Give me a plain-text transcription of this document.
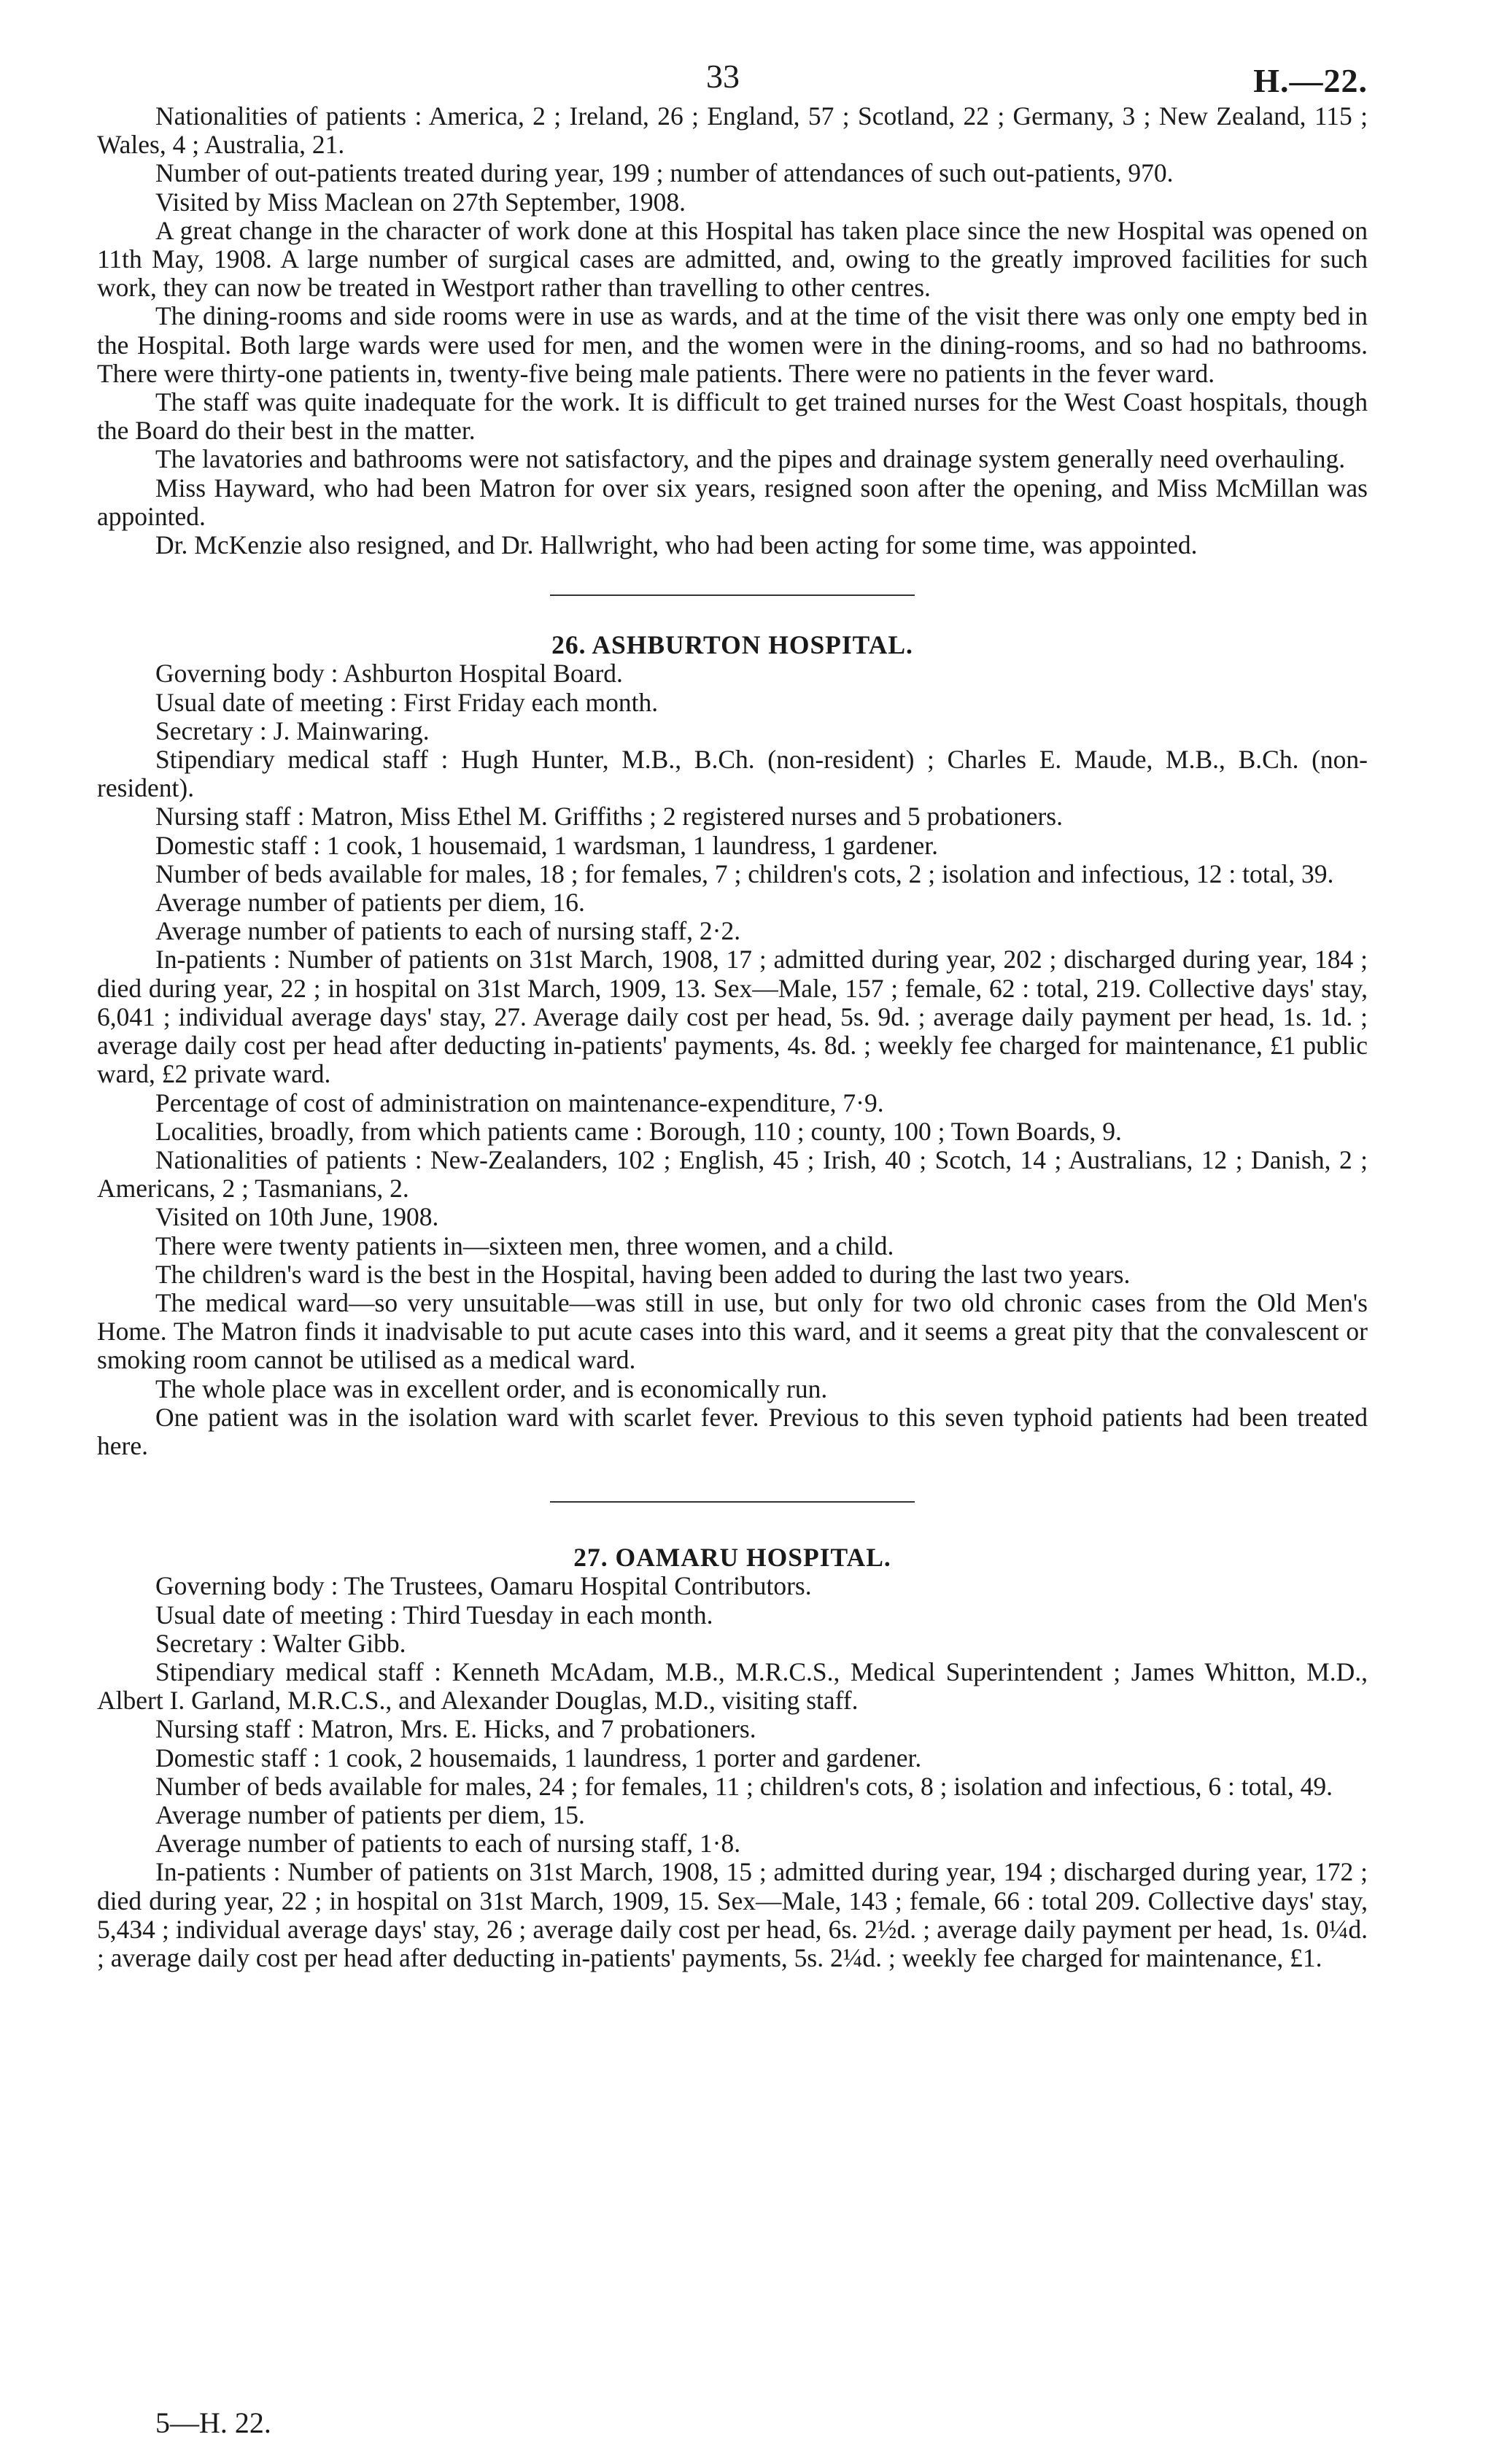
33	H.—22.

Nationalities of patients : America, 2 ; Ireland, 26 ; England, 57 ; Scotland, 22 ; Germany, 3 ; New Zealand, 115 ; Wales, 4 ; Australia, 21.

Number of out-patients treated during year, 199 ; number of attendances of such out-patients, 970.

Visited by Miss Maclean on 27th September, 1908.

A great change in the character of work done at this Hospital has taken place since the new Hospital was opened on 11th May, 1908. A large number of surgical cases are admitted, and, owing to the greatly improved facilities for such work, they can now be treated in Westport rather than travelling to other centres.

The dining-rooms and side rooms were in use as wards, and at the time of the visit there was only one empty bed in the Hospital. Both large wards were used for men, and the women were in the dining-rooms, and so had no bathrooms. There were thirty-one patients in, twenty-five being male patients. There were no patients in the fever ward.

The staff was quite inadequate for the work. It is difficult to get trained nurses for the West Coast hospitals, though the Board do their best in the matter.

The lavatories and bathrooms were not satisfactory, and the pipes and drainage system generally need overhauling.

Miss Hayward, who had been Matron for over six years, resigned soon after the opening, and Miss McMillan was appointed.

Dr. McKenzie also resigned, and Dr. Hallwright, who had been acting for some time, was appointed.

26. ASHBURTON HOSPITAL.

Governing body : Ashburton Hospital Board.

Usual date of meeting : First Friday each month.

Secretary : J. Mainwaring.

Stipendiary medical staff : Hugh Hunter, M.B., B.Ch. (non-resident) ; Charles E. Maude, M.B., B.Ch. (non-resident).

Nursing staff : Matron, Miss Ethel M. Griffiths ; 2 registered nurses and 5 probationers.

Domestic staff : 1 cook, 1 housemaid, 1 wardsman, 1 laundress, 1 gardener.

Number of beds available for males, 18 ; for females, 7 ; children's cots, 2 ; isolation and infectious, 12 : total, 39.

Average number of patients per diem, 16.

Average number of patients to each of nursing staff, 2·2.

In-patients : Number of patients on 31st March, 1908, 17 ; admitted during year, 202 ; discharged during year, 184 ; died during year, 22 ; in hospital on 31st March, 1909, 13. Sex—Male, 157 ; female, 62 : total, 219. Collective days' stay, 6,041 ; individual average days' stay, 27. Average daily cost per head, 5s. 9d. ; average daily payment per head, 1s. 1d. ; average daily cost per head after deducting in-patients' payments, 4s. 8d. ; weekly fee charged for maintenance, £1 public ward, £2 private ward.

Percentage of cost of administration on maintenance-expenditure, 7·9.

Localities, broadly, from which patients came : Borough, 110 ; county, 100 ; Town Boards, 9.

Nationalities of patients : New-Zealanders, 102 ; English, 45 ; Irish, 40 ; Scotch, 14 ; Australians, 12 ; Danish, 2 ; Americans, 2 ; Tasmanians, 2.

Visited on 10th June, 1908.

There were twenty patients in—sixteen men, three women, and a child.

The children's ward is the best in the Hospital, having been added to during the last two years.

The medical ward—so very unsuitable—was still in use, but only for two old chronic cases from the Old Men's Home. The Matron finds it inadvisable to put acute cases into this ward, and it seems a great pity that the convalescent or smoking room cannot be utilised as a medical ward.

The whole place was in excellent order, and is economically run.

One patient was in the isolation ward with scarlet fever. Previous to this seven typhoid patients had been treated here.

27. OAMARU HOSPITAL.

Governing body : The Trustees, Oamaru Hospital Contributors.

Usual date of meeting : Third Tuesday in each month.

Secretary : Walter Gibb.

Stipendiary medical staff : Kenneth McAdam, M.B., M.R.C.S., Medical Superintendent ; James Whitton, M.D., Albert I. Garland, M.R.C.S., and Alexander Douglas, M.D., visiting staff.

Nursing staff : Matron, Mrs. E. Hicks, and 7 probationers.

Domestic staff : 1 cook, 2 housemaids, 1 laundress, 1 porter and gardener.

Number of beds available for males, 24 ; for females, 11 ; children's cots, 8 ; isolation and infectious, 6 : total, 49.

Average number of patients per diem, 15.

Average number of patients to each of nursing staff, 1·8.

In-patients : Number of patients on 31st March, 1908, 15 ; admitted during year, 194 ; discharged during year, 172 ; died during year, 22 ; in hospital on 31st March, 1909, 15. Sex—Male, 143 ; female, 66 : total 209. Collective days' stay, 5,434 ; individual average days' stay, 26 ; average daily cost per head, 6s. 2½d. ; average daily payment per head, 1s. 0¼d. ; average daily cost per head after deducting in-patients' payments, 5s. 2¼d. ; weekly fee charged for maintenance, £1.

5—H. 22.
